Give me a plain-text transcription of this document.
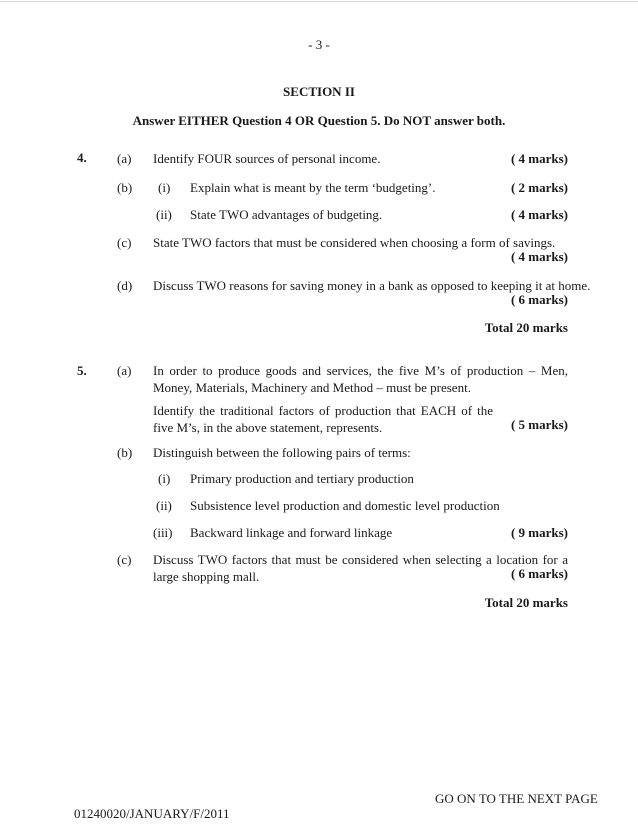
- 3 -
SECTION II
Answer EITHER Question 4 OR Question 5. Do NOT answer both.
4. (a) Identify FOUR sources of personal income.	( 4 marks)
(b) (i) Explain what is meant by the term ‘budgeting’.	( 2 marks)
(ii) State TWO advantages of budgeting.	( 4 marks)
(c) State TWO factors that must be considered when choosing a form of savings.
( 4 marks)
(d) Discuss TWO reasons for saving money in a bank as opposed to keeping it at home.
( 6 marks)
Total 20 marks
5. (a) In order to produce goods and services, the five M’s of production – Men, Money, Materials, Machinery and Method – must be present.
Identify the traditional factors of production that EACH of the five M’s, in the above statement, represents.	( 5 marks)
(b) Distinguish between the following pairs of terms:
(i) Primary production and tertiary production
(ii) Subsistence level production and domestic level production
(iii) Backward linkage and forward linkage	( 9 marks)
(c) Discuss TWO factors that must be considered when selecting a location for a large shopping mall.	( 6 marks)
Total 20 marks
GO ON TO THE NEXT PAGE
01240020/JANUARY/F/2011
